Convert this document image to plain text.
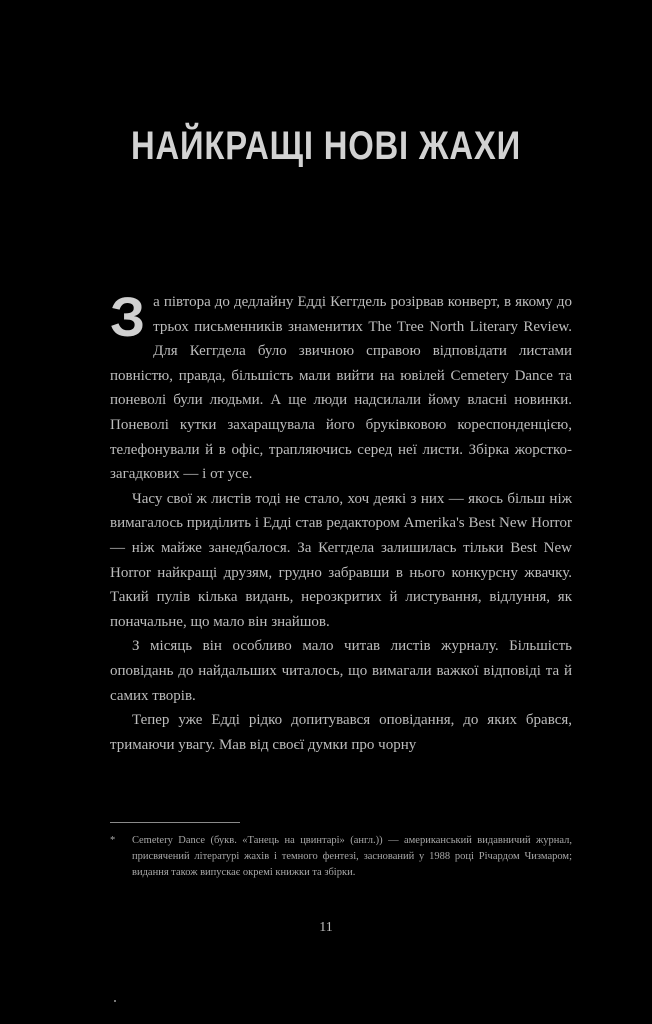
НАЙКРАЩІ НОВІ ЖАХИ

За півтора до дедлайну Едді Кеггдель розірвав конверт, в якому до трьох письменників знаменитих The Tree North Literary Review. Для Кеггдела було звичною справою відповідати листами повністю, правда, більшість мали вийти на ювілей Cemetery Dance та поневолі були людьми. А ще люди надсилали йому власні новинки. Поневолі кутки захаращувала його бруківковою кореспонденцією, телефонували й в офіс, трапляючись серед неї листи. Збірка жорстко-загадкових — і от усе.

Часу свої ж листів тоді не стало, хоч деякі з них — якось більш ніж вимагалось приділить і Едді став редактором Amerika's Best New Horror — ніж майже занедбалося. За Кеггдела залишилась тільки Best New Horror найкращі друзям, грудно забравши в нього конкурсну жвачку. Такий пулів кілька видань, нерозкритих й листування, відлуння, як поначальне, що мало він знайшов.

З місяць він особливо мало читав листів журналу. Більшість оповідань до найдальших читалось, що вимагали важкої відповіді та й самих творів.

Тепер уже Едді рідко допитувався оповідання, до яких брався, тримаючи увагу. Мав від своєї думки про чорну

* Cemetery Dance (букв. «Танець на цвинтарі» (англ.)) — американський видавничий журнал, присвячений літературі жахів і темного фентезі, заснований у 1988 році Річардом Чизмаром; видання також випускає окремі книжки та збірки.
11
